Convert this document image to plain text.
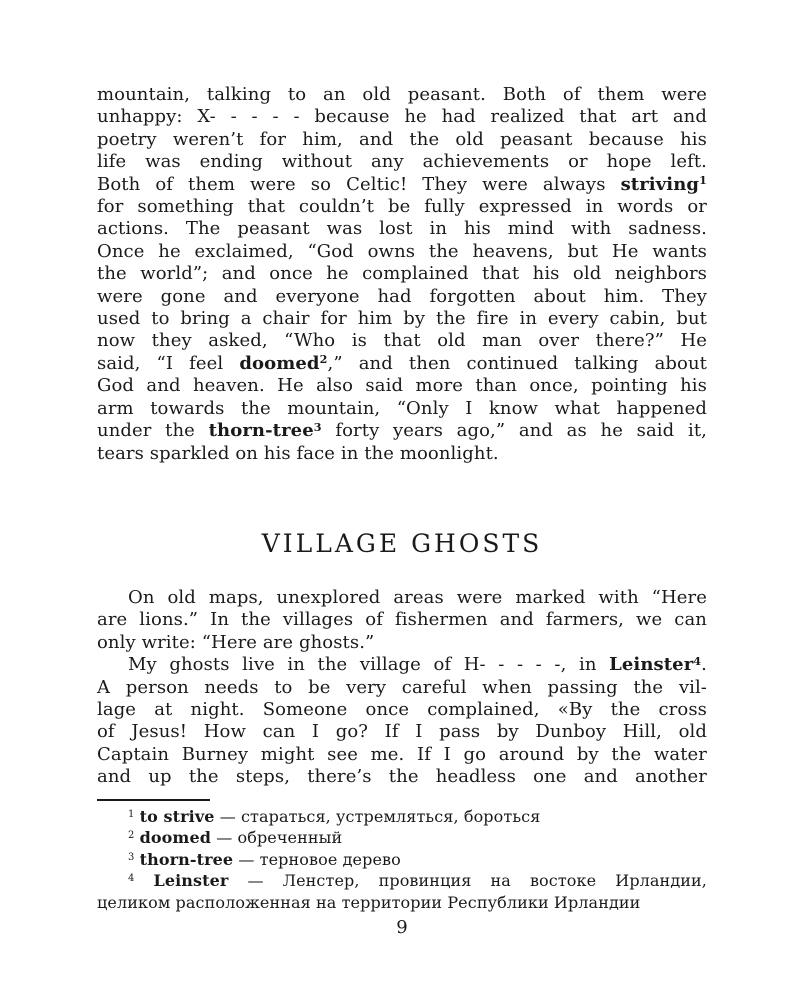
mountain, talking to an old peasant. Both of them were
unhappy: X- - - - - because he had realized that art and
poetry weren’t for him, and the old peasant because his
life was ending without any achievements or hope left.
Both of them were so Celtic! They were always striving$^1$
for something that couldn’t be fully expressed in words or
actions. The peasant was lost in his mind with sadness.
Once he exclaimed, “God owns the heavens, but He wants
the world”; and once he complained that his old neighbors
were gone and everyone had forgotten about him. They
used to bring a chair for him by the fire in every cabin, but
now they asked, “Who is that old man over there?” He
said, “I feel doomed$^2$,” and then continued talking about
God and heaven. He also said more than once, pointing his
arm towards the mountain, “Only I know what happened
under the thorn-tree$^3$ forty years ago,” and as he said it,
tears sparkled on his face in the moonlight.
VILLAGE GHOSTS
On old maps, unexplored areas were marked with “Here
are lions.” In the villages of fishermen and farmers, we can
only write: “Here are ghosts.”
My ghosts live in the village of H- - - - -, in Leinster$^4$.
A person needs to be very careful when passing the vil-
lage at night. Someone once complained, «By the cross
of Jesus! How can I go? If I pass by Dunboy Hill, old
Captain Burney might see me. If I go around by the water
and up the steps, there’s the headless one and another
$^1$ to strive — стараться, устремляться, бороться
$^2$ doomed — обреченный
$^3$ thorn-tree — терновое дерево
$^4$ Leinster — Ленстер, провинция на востоке Ирландии,
целиком расположенная на территории Республики Ирландии
9
